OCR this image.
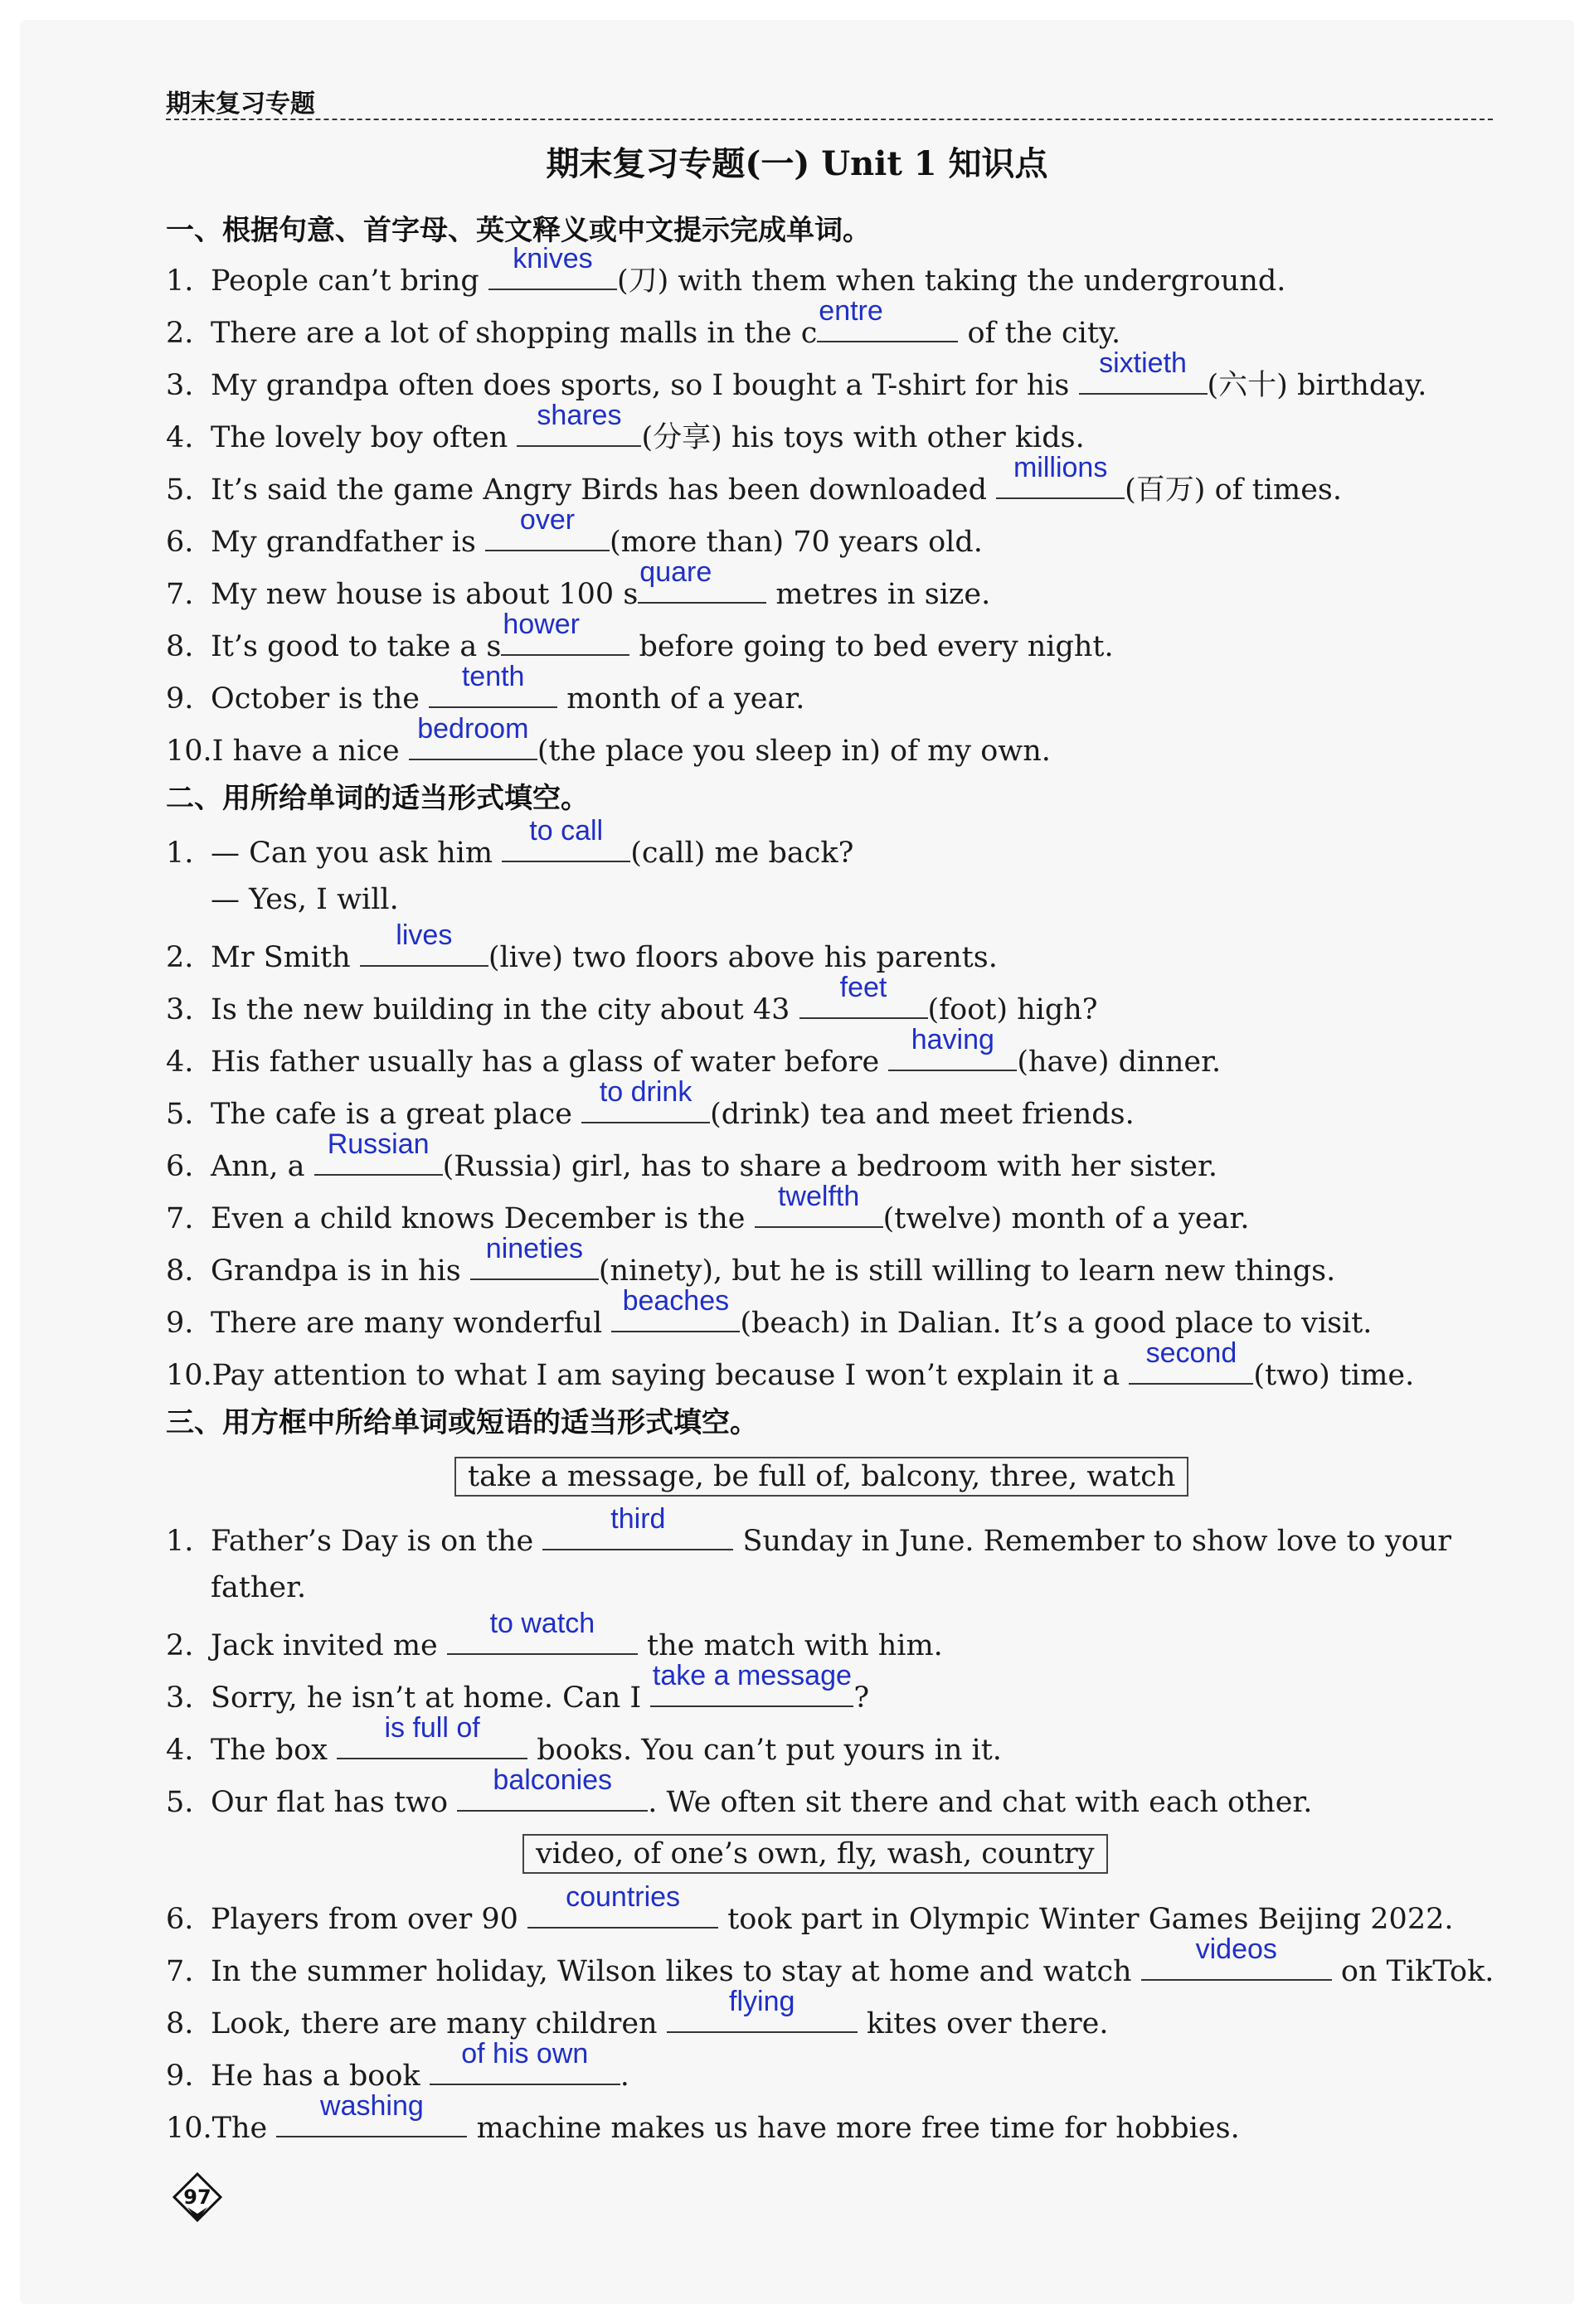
期末复习专题
期末复习专题(一) Unit 1 知识点
一、根据句意、首字母、英文释义或中文提示完成单词。
1. People can’t bring
knives
(刀) with them when taking the underground.
2. There are a lot of shopping malls in the c
entre
of the city.
3. My grandpa often does sports, so I bought a T-shirt for his
sixtieth
(六十) birthday.
4. The lovely boy often
shares
(分享) his toys with other kids.
5. It’s said the game Angry Birds has been downloaded
millions
(百万) of times.
6. My grandfather is
over
(more than) 70 years old.
7. My new house is about 100 s
quare
metres in size.
8. It’s good to take a s
hower
before going to bed every night.
9. October is the
tenth
month of a year.
10.I have a nice
bedroom
(the place you sleep in) of my own.
二、用所给单词的适当形式填空。
1. — Can you ask him
to call
(call) me back?
— Yes, I will.
2. Mr Smith
lives
(live) two floors above his parents.
3. Is the new building in the city about 43
feet
(foot) high?
4. His father usually has a glass of water before
having
(have) dinner.
5. The cafe is a great place
to drink
(drink) tea and meet friends.
6. Ann, a
Russian
(Russia) girl, has to share a bedroom with her sister.
7. Even a child knows December is the
twelfth
(twelve) month of a year.
8. Grandpa is in his
nineties
(ninety), but he is still willing to learn new things.
9. There are many wonderful
beaches
(beach) in Dalian. It’s a good place to visit.
10.Pay attention to what I am saying because I won’t explain it a
second
(two) time.
三、用方框中所给单词或短语的适当形式填空。
take a message, be full of, balcony, three, watch
1. Father’s Day is on the
third
Sunday in June. Remember to show love to your
father.
2. Jack invited me
to watch
the match with him.
3. Sorry, he isn’t at home. Can I
take a message
?
4. The box
is full of
books. You can’t put yours in it.
5. Our flat has two
balconies
. We often sit there and chat with each other.
video, of one’s own, fly, wash, country
6. Players from over 90
countries
took part in Olympic Winter Games Beijing 2022.
7. In the summer holiday, Wilson likes to stay at home and watch
videos
on TikTok.
8. Look, there are many children
flying
kites over there.
9. He has a book
of his own
.
10.The
washing
machine makes us have more free time for hobbies.
97
